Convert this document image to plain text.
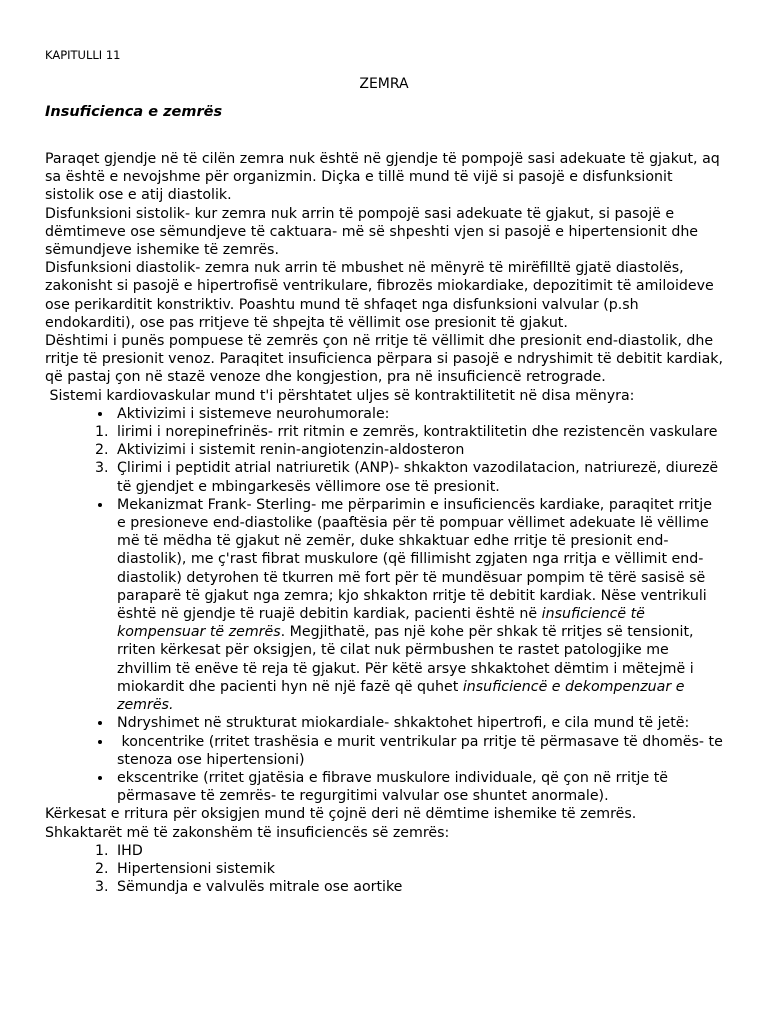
KAPITULLI 11

ZEMRA
Insuficienca e zemrës

Paraqet gjendje në të cilën zemra nuk është në gjendje të pompojë sasi adekuate të gjakut, aq sa është e nevojshme për organizmin. Diçka e tillë mund të vijë si pasojë e disfunksionit sistolik ose e atij diastolik.

Disfunksioni sistolik- kur zemra nuk arrin të pompojë sasi adekuate të gjakut, si pasojë e dëmtimeve ose sëmundjeve të caktuara- më së shpeshti vjen si pasojë e hipertensionit dhe sëmundjeve ishemike të zemrës.

Disfunksioni diastolik- zemra nuk arrin të mbushet në mënyrë të mirëfilltë gjatë diastolës, zakonisht si pasojë e hipertrofisë ventrikulare, fibrozës miokardiake, depozitimit të amiloideve ose perikarditit konstriktiv. Poashtu mund të shfaqet nga disfunksioni valvular (p.sh endokarditi), ose pas rritjeve të shpejta të vëllimit ose presionit të gjakut.

Dështimi i punës pompuese të zemrës çon në rritje të vëllimit dhe presionit end-diastolik, dhe rritje të presionit venoz. Paraqitet insuficienca përpara si pasojë e ndryshimit të debitit kardiak, që pastaj çon në stazë venoze dhe kongjestion, pra në insuficiencë retrograde.

Sistemi kardiovaskular mund t'i përshtatet uljes së kontraktilitetit në disa mënyra:

• Aktivizimi i sistemeve neurohumorale:
1. lirimi i norepinefrinës- rrit ritmin e zemrës, kontraktilitetin dhe rezistencën vaskulare
2. Aktivizimi i sistemit renin-angiotenzin-aldosteron
3. Çlirimi i peptidit atrial natriuretik (ANP)- shkakton vazodilatacion, natriurezë, diurezë të gjendjet e mbingarkesës vëllimore ose të presionit.
• Mekanizmat Frank- Sterling- me përparimin e insuficiencës kardiake, paraqitet rritje e presioneve end-diastolike (paaftësia për të pompuar vëllimet adekuate lë vëllime më të mëdha të gjakut në zemër, duke shkaktuar edhe rritje të presionit end-diastolik), me ç'rast fibrat muskulore (që fillimisht zgjaten nga rritja e vëllimit end-diastolik) detyrohen të tkurren më fort për të mundësuar pompim të tërë sasisë së paraparë të gjakut nga zemra; kjo shkakton rritje të debitit kardiak. Nëse ventrikuli është në gjendje të ruajë debitin kardiak, pacienti është në insuficiencë të kompensuar të zemrës. Megjithatë, pas një kohe për shkak të rritjes së tensionit, rriten kërkesat për oksigjen, të cilat nuk përmbushen te rastet patologjike me zhvillim të enëve të reja të gjakut. Për këtë arsye shkaktohet dëmtim i mëtejmë i miokardit dhe pacienti hyn në një fazë që quhet insuficiencë e dekompenzuar e zemrës.
• Ndryshimet në strukturat miokardiale- shkaktohet hipertrofi, e cila mund të jetë:
•  koncentrike (rritet trashësia e murit ventrikular pa rritje të përmasave të dhomës- te stenoza ose hipertensioni)
• ekscentrike (rritet gjatësia e fibrave muskulore individuale, që çon në rritje të përmasave të zemrës- te regurgitimi valvular ose shuntet anormale).

Kërkesat e rritura për oksigjen mund të çojnë deri në dëmtime ishemike të zemrës.

Shkaktarët më të zakonshëm të insuficiencës së zemrës:

1. IHD
2. Hipertensioni sistemik
3. Sëmundja e valvulës mitrale ose aortike
